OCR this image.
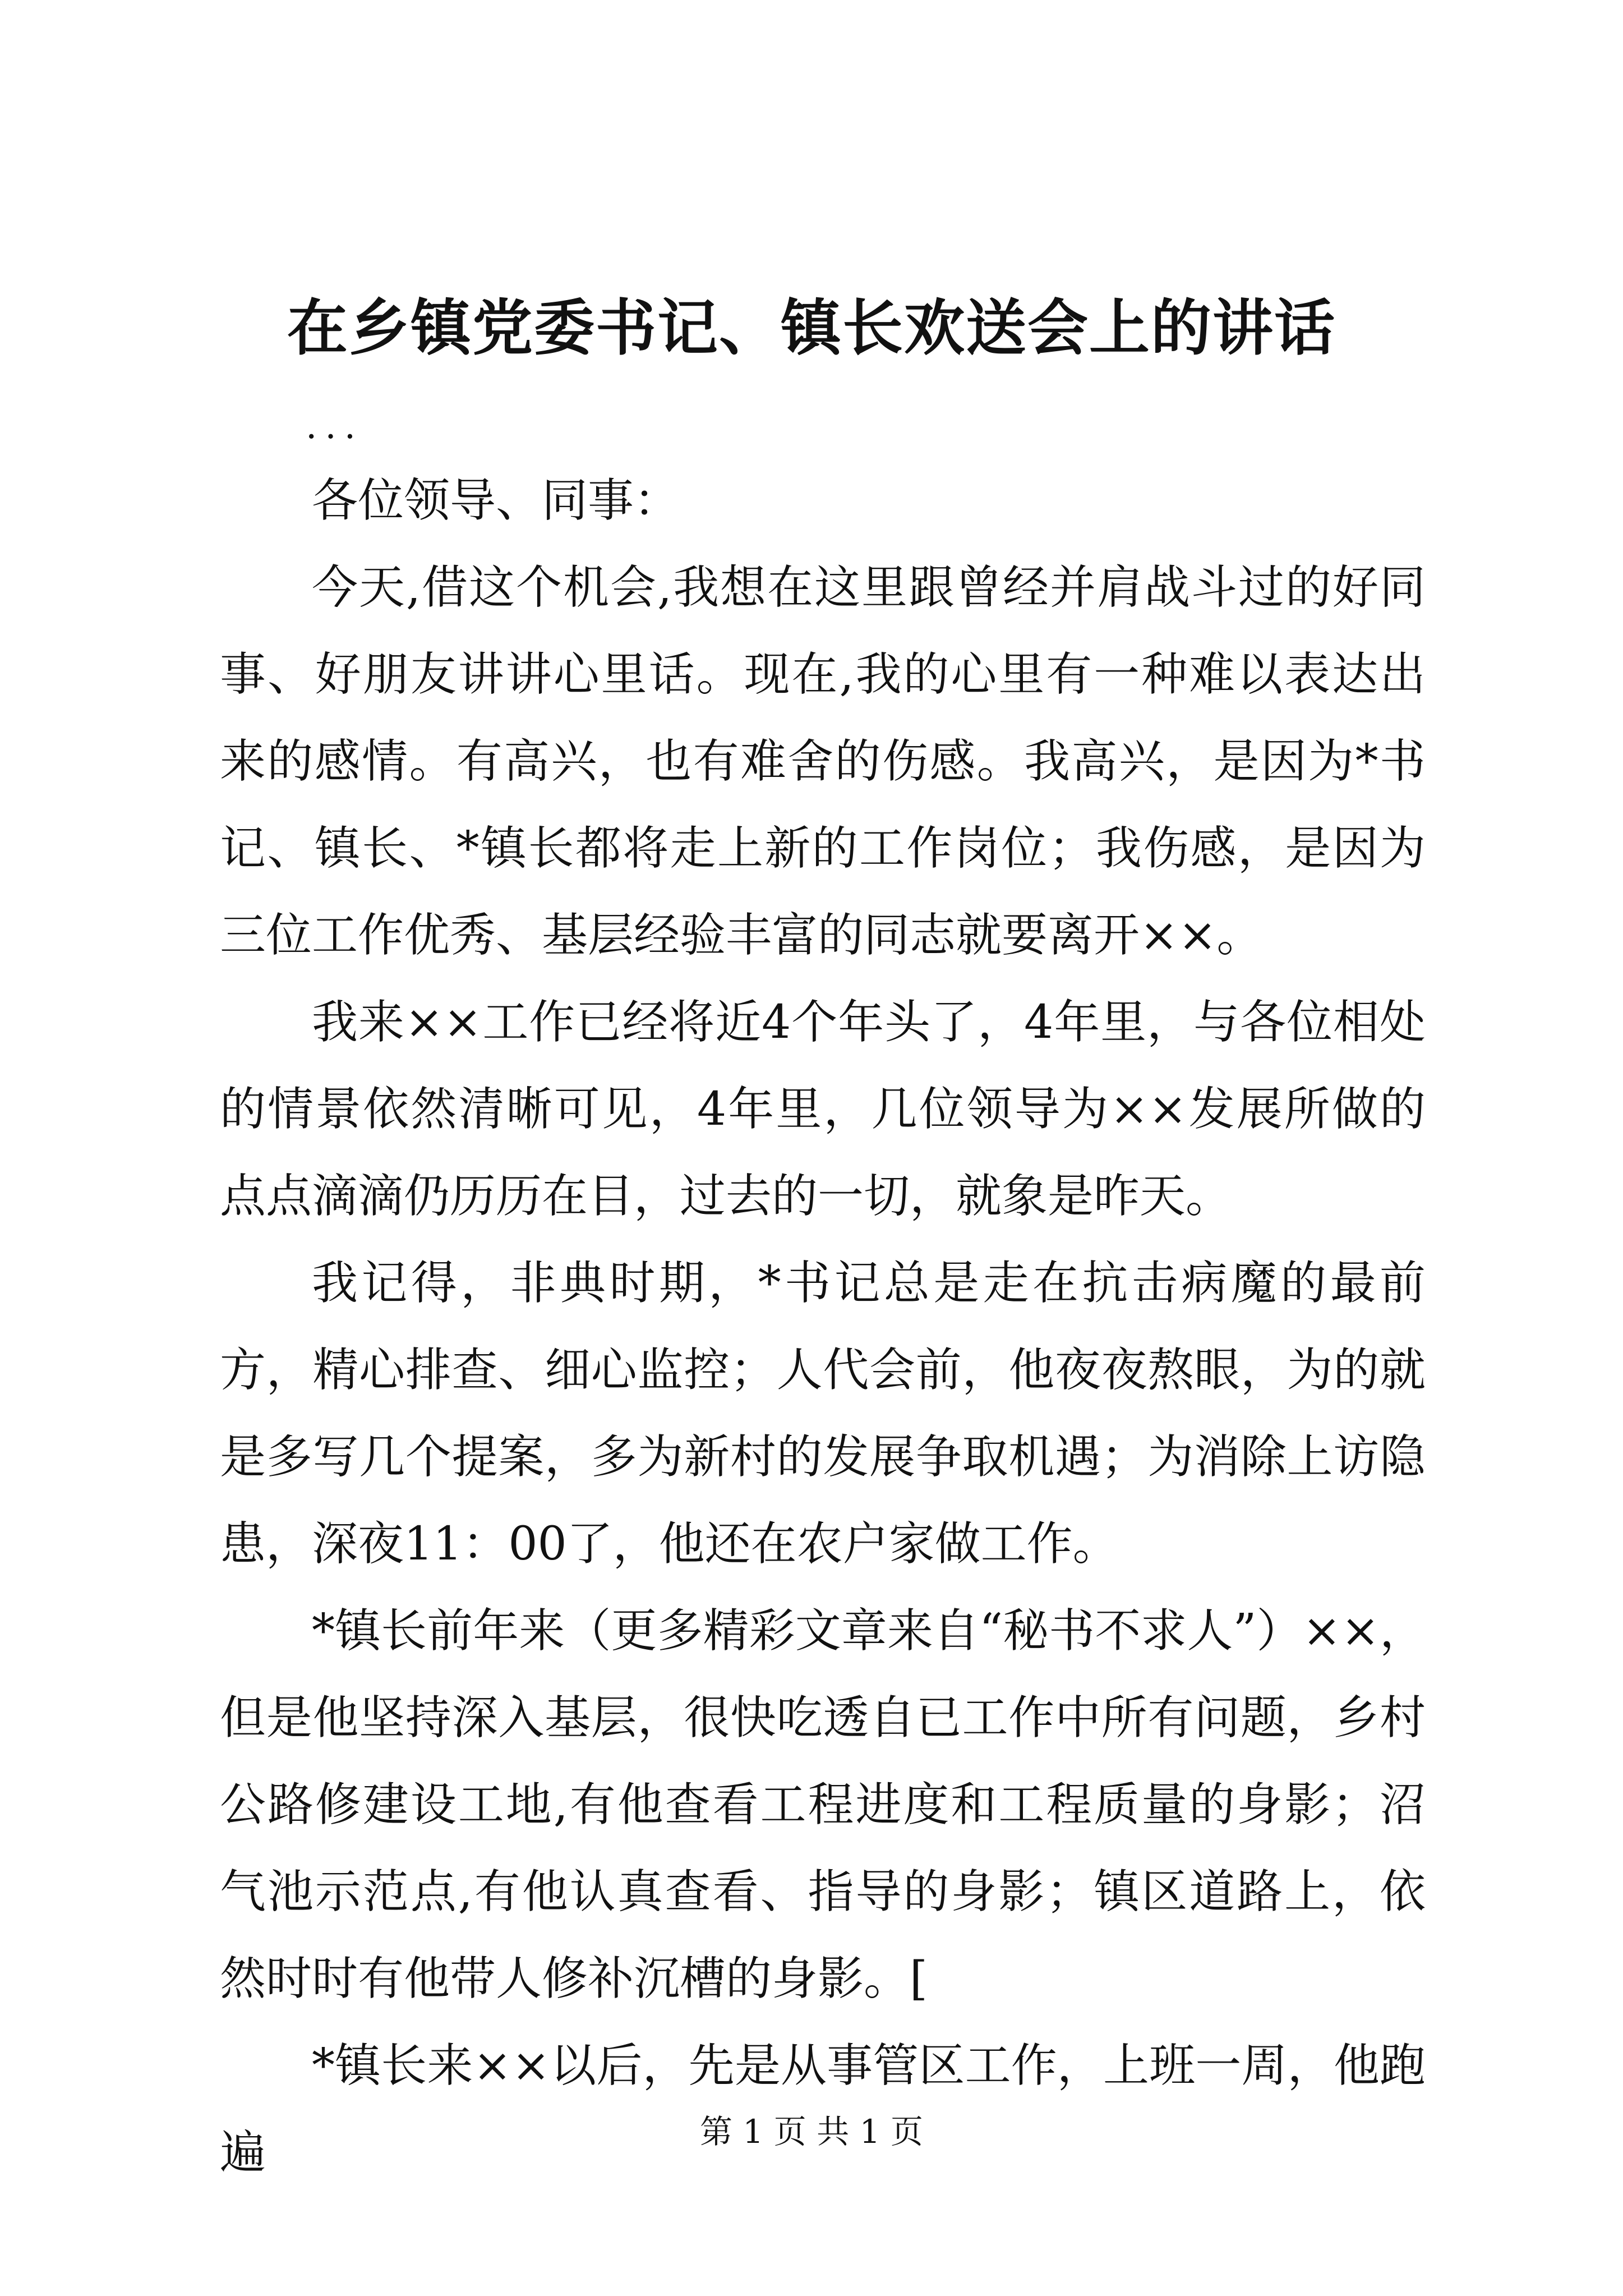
在乡镇党委书记、镇长欢送会上的讲话
...

各位领导、同事：

今天,借这个机会,我想在这里跟曾经并肩战斗过的好同事、好朋友讲讲心里话。现在,我的心里有一种难以表达出来的感情。有高兴，也有难舍的伤感。我高兴，是因为*书记、镇长、*镇长都将走上新的工作岗位；我伤感，是因为三位工作优秀、基层经验丰富的同志就要离开××。

我来××工作已经将近4个年头了，4年里，与各位相处的情景依然清晰可见，4年里，几位领导为××发展所做的点点滴滴仍历历在目，过去的一切，就象是昨天。

我记得，非典时期，*书记总是走在抗击病魔的最前方，精心排查、细心监控；人代会前，他夜夜熬眼，为的就是多写几个提案，多为新村的发展争取机遇；为消除上访隐患，深夜11：00了，他还在农户家做工作。

*镇长前年来（更多精彩文章来自“秘书不求人”）××，但是他坚持深入基层，很快吃透自已工作中所有问题，乡村公路修建设工地,有他查看工程进度和工程质量的身影；沼气池示范点,有他认真查看、指导的身影；镇区道路上，依然时时有他带人修补沉槽的身影。[

*镇长来××以后，先是从事管区工作，上班一周，他跑遍	第 1 页 共 1 页
